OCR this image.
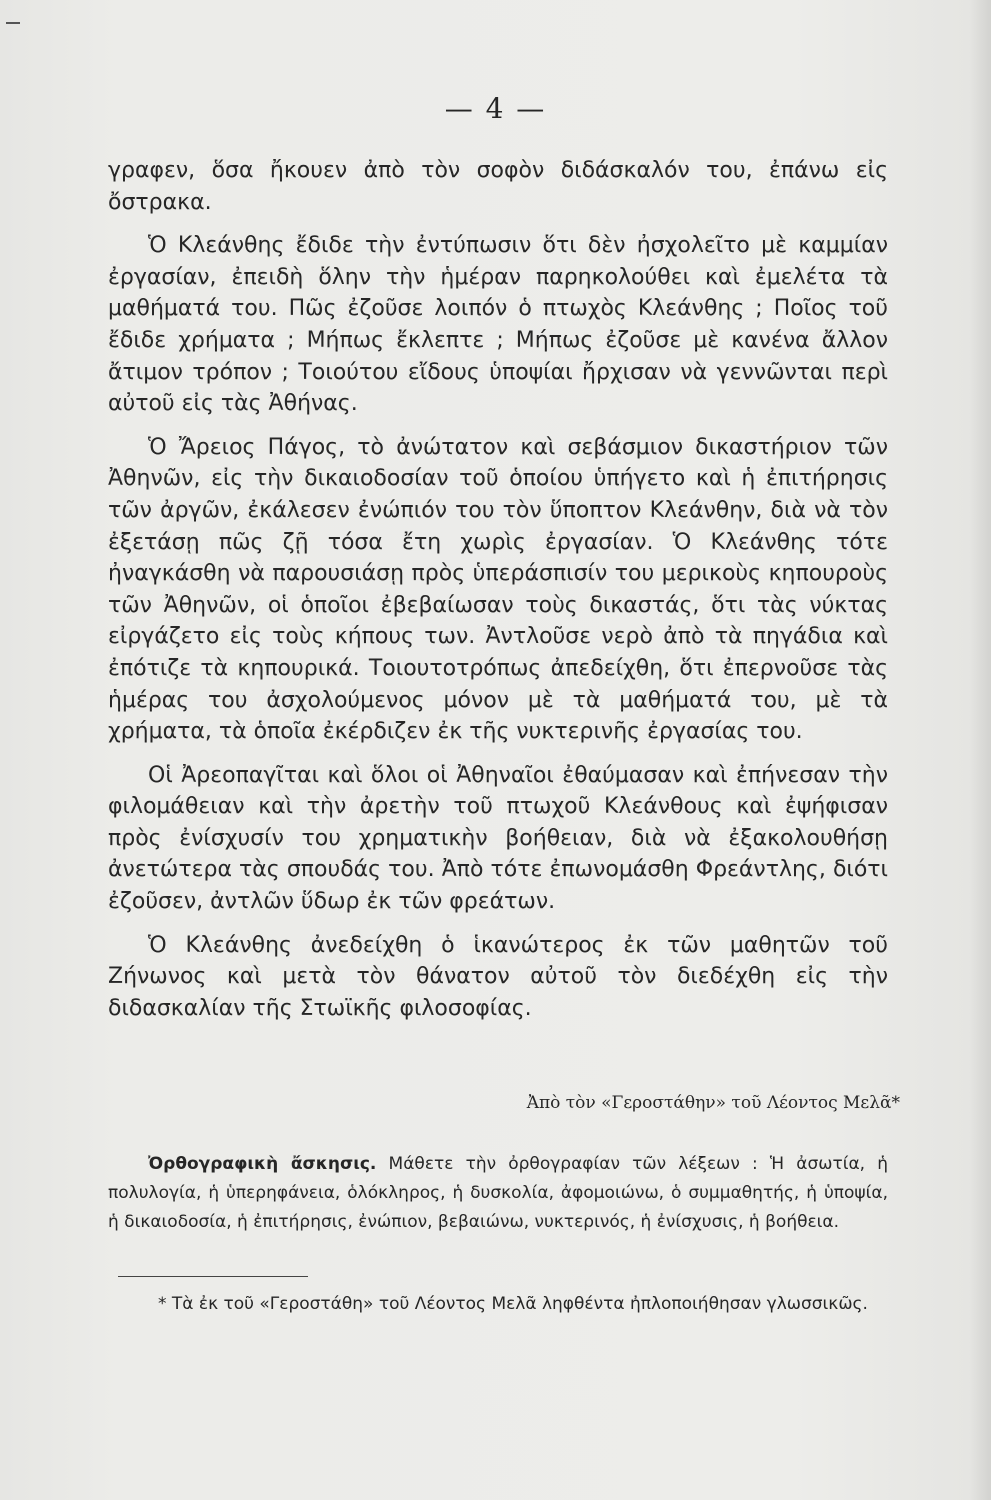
— 4 —

γραφεν, ὅσα ἤκουεν ἀπὸ τὸν σοφὸν διδάσκαλόν του, ἐπάνω εἰς ὄστρακα.

Ὁ Κλεάνθης ἔδιδε τὴν ἐντύπωσιν ὅτι δὲν ἠσχολεῖτο μὲ καμμίαν ἐργασίαν, ἐπειδὴ ὅλην τὴν ἡμέραν παρηκολούθει καὶ ἐμελέτα τὰ μαθήματά του. Πῶς ἐζοῦσε λοιπόν ὁ πτωχὸς Κλεάνθης ; Ποῖος τοῦ ἔδιδε χρήματα ; Μήπως ἔκλεπτε ; Μήπως ἐζοῦσε μὲ κανένα ἄλλον ἄτιμον τρόπον ; Τοιούτου εἴδους ὑποψίαι ἤρχισαν νὰ γεννῶνται περὶ αὐτοῦ εἰς τὰς Ἀθήνας.

Ὁ Ἄρειος Πάγος, τὸ ἀνώτατον καὶ σεβάσμιον δικαστήριον τῶν Ἀθηνῶν, εἰς τὴν δικαιοδοσίαν τοῦ ὁποίου ὑπήγετο καὶ ἡ ἐπιτήρησις τῶν ἀργῶν, ἐκάλεσεν ἐνώπιόν του τὸν ὕποπτον Κλεάνθην, διὰ νὰ τὸν ἐξετάσῃ πῶς ζῇ τόσα ἔτη χωρὶς ἐργασίαν. Ὁ Κλεάνθης τότε ἠναγκάσθη νὰ παρουσιάσῃ πρὸς ὑπεράσπισίν του μερικοὺς κηπουροὺς τῶν Ἀθηνῶν, οἱ ὁποῖοι ἐβεβαίωσαν τοὺς δικαστάς, ὅτι τὰς νύκτας εἰργάζετο εἰς τοὺς κήπους των. Ἀντλοῦσε νερὸ ἀπὸ τὰ πηγάδια καὶ ἐπότιζε τὰ κηπουρικά. Τοιουτοτρόπως ἀπεδείχθη, ὅτι ἐπερνοῦσε τὰς ἡμέρας του ἀσχολούμενος μόνον μὲ τὰ μαθήματά του, μὲ τὰ χρήματα, τὰ ὁποῖα ἐκέρδιζεν ἐκ τῆς νυκτερινῆς ἐργασίας του.

Οἱ Ἀρεοπαγῖται καὶ ὅλοι οἱ Ἀθηναῖοι ἐθαύμασαν καὶ ἐπήνεσαν τὴν φιλομάθειαν καὶ τὴν ἀρετὴν τοῦ πτωχοῦ Κλεάνθους καὶ ἐψήφισαν πρὸς ἐνίσχυσίν του χρηματικὴν βοήθειαν, διὰ νὰ ἐξακολουθήσῃ ἀνετώτερα τὰς σπουδάς του. Ἀπὸ τότε ἐπωνομάσθη Φρεάντλης, διότι ἐζοῦσεν, ἀντλῶν ὕδωρ ἐκ τῶν φρεάτων.

Ὁ Κλεάνθης ἀνεδείχθη ὁ ἱκανώτερος ἐκ τῶν μαθητῶν τοῦ Ζήνωνος καὶ μετὰ τὸν θάνατον αὐτοῦ τὸν διεδέχθη εἰς τὴν διδασκαλίαν τῆς Στωϊκῆς φιλοσοφίας.

Ἀπὸ τὸν «Γεροστάθην» τοῦ Λέοντος Μελᾶ*
Ὀρθογραφικὴ ἄσκησις. Μάθετε τὴν ὀρθογραφίαν τῶν λέξεων : Ἡ ἀσωτία, ἡ πολυλογία, ἡ ὑπερηφάνεια, ὁλόκληρος, ἡ δυσκολία, ἀφομοιώνω, ὁ συμμαθητής, ἡ ὑποψία, ἡ δικαιοδοσία, ἡ ἐπιτήρησις, ἐνώπιον, βεβαιώνω, νυκτερινός, ἡ ἐνίσχυσις, ἡ βοήθεια.
* Τὰ ἐκ τοῦ «Γεροστάθη» τοῦ Λέοντος Μελᾶ ληφθέντα ἠπλοποιήθησαν γλωσσικῶς.
